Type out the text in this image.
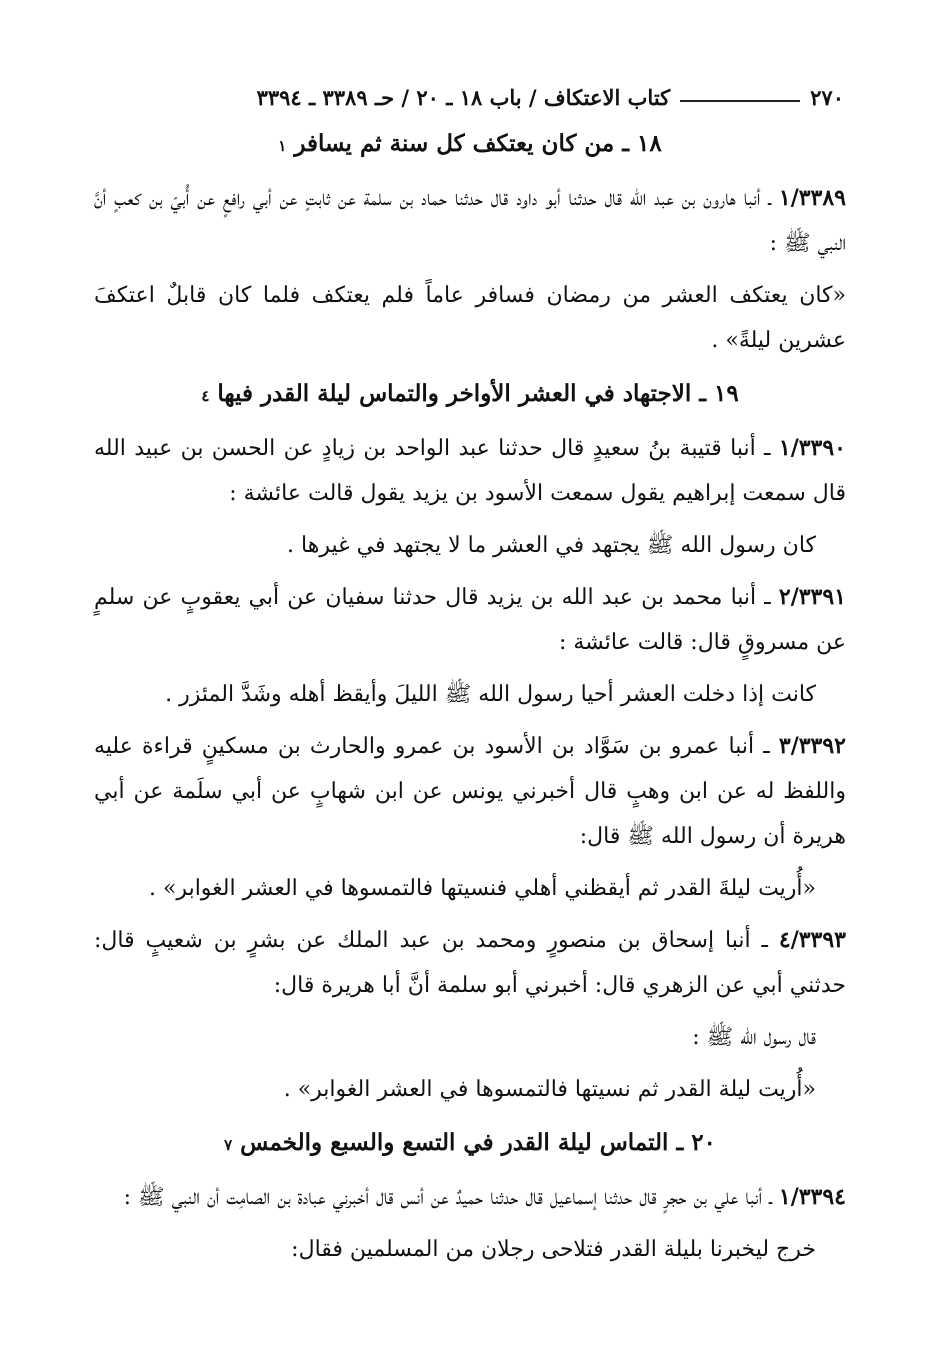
٢٧٠
كتاب الاعتكاف / باب ١٨ ـ ٢٠ / حـ ٣٣٨٩ ـ ٣٣٩٤
١٨ ـ من كان يعتكف كل سنة ثم يسافر ١

١/٣٣٨٩ ـ أنبا هارون بن عبد الله قال حدثنا أبو داود قال حدثنا حماد بن سلمة عن ثابتٍ عن أبي رافعٍ عن أُبيّ بن كعبٍ أنَّ النبي ﷺ :

«كان يعتكف العشر من رمضان فسافر عاماً فلم يعتكف فلما كان قابلٌ اعتكفَ عشرين ليلةً» .

١٩ ـ الاجتهاد في العشر الأواخر والتماس ليلة القدر فيها ٤

١/٣٣٩٠ ـ أنبا قتيبة بنُ سعيدٍ قال حدثنا عبد الواحد بن زيادٍ عن الحسن بن عبيد الله قال سمعت إبراهيم يقول سمعت الأسود بن يزيد يقول قالت عائشة :

كان رسول الله ﷺ يجتهد في العشر ما لا يجتهد في غيرها .

٢/٣٣٩١ ـ أنبا محمد بن عبد الله بن يزيد قال حدثنا سفيان عن أبي يعقوبٍ عن سلمٍ عن مسروقٍ قال: قالت عائشة :

كانت إذا دخلت العشر أحيا رسول الله ﷺ الليلَ وأيقظ أهله وشَدَّ المئزر .

٣/٣٣٩٢ ـ أنبا عمرو بن سَوَّاد بن الأسود بن عمرو والحارث بن مسكينٍ قراءة عليه واللفظ له عن ابن وهبٍ قال أخبرني يونس عن ابن شهابٍ عن أبي سلَمة عن أبي هريرة أن رسول الله ﷺ قال:

«أُريت ليلةَ القدر ثم أيقظني أهلي فنسيتها فالتمسوها في العشر الغوابر» .

٤/٣٣٩٣ ـ أنبا إسحاق بن منصورٍ ومحمد بن عبد الملك عن بشرٍ بن شعيبٍ قال: حدثني أبي عن الزهري قال: أخبرني أبو سلمة أنَّ أبا هريرة قال:

قال رسول الله ﷺ :

«أُريت ليلة القدر ثم نسيتها فالتمسوها في العشر الغوابر» .

٢٠ ـ التماس ليلة القدر في التسع والسبع والخمس ٧

١/٣٣٩٤ ـ أنبا علي بن حجرٍ قال حدثنا إسماعيل قال حدثنا حميدٌ عن أنس قال أخبرني عبادة بن الصامِت أن النبي ﷺ :

خرج ليخبرنا بليلة القدر فتلاحى رجلان من المسلمين فقال:
